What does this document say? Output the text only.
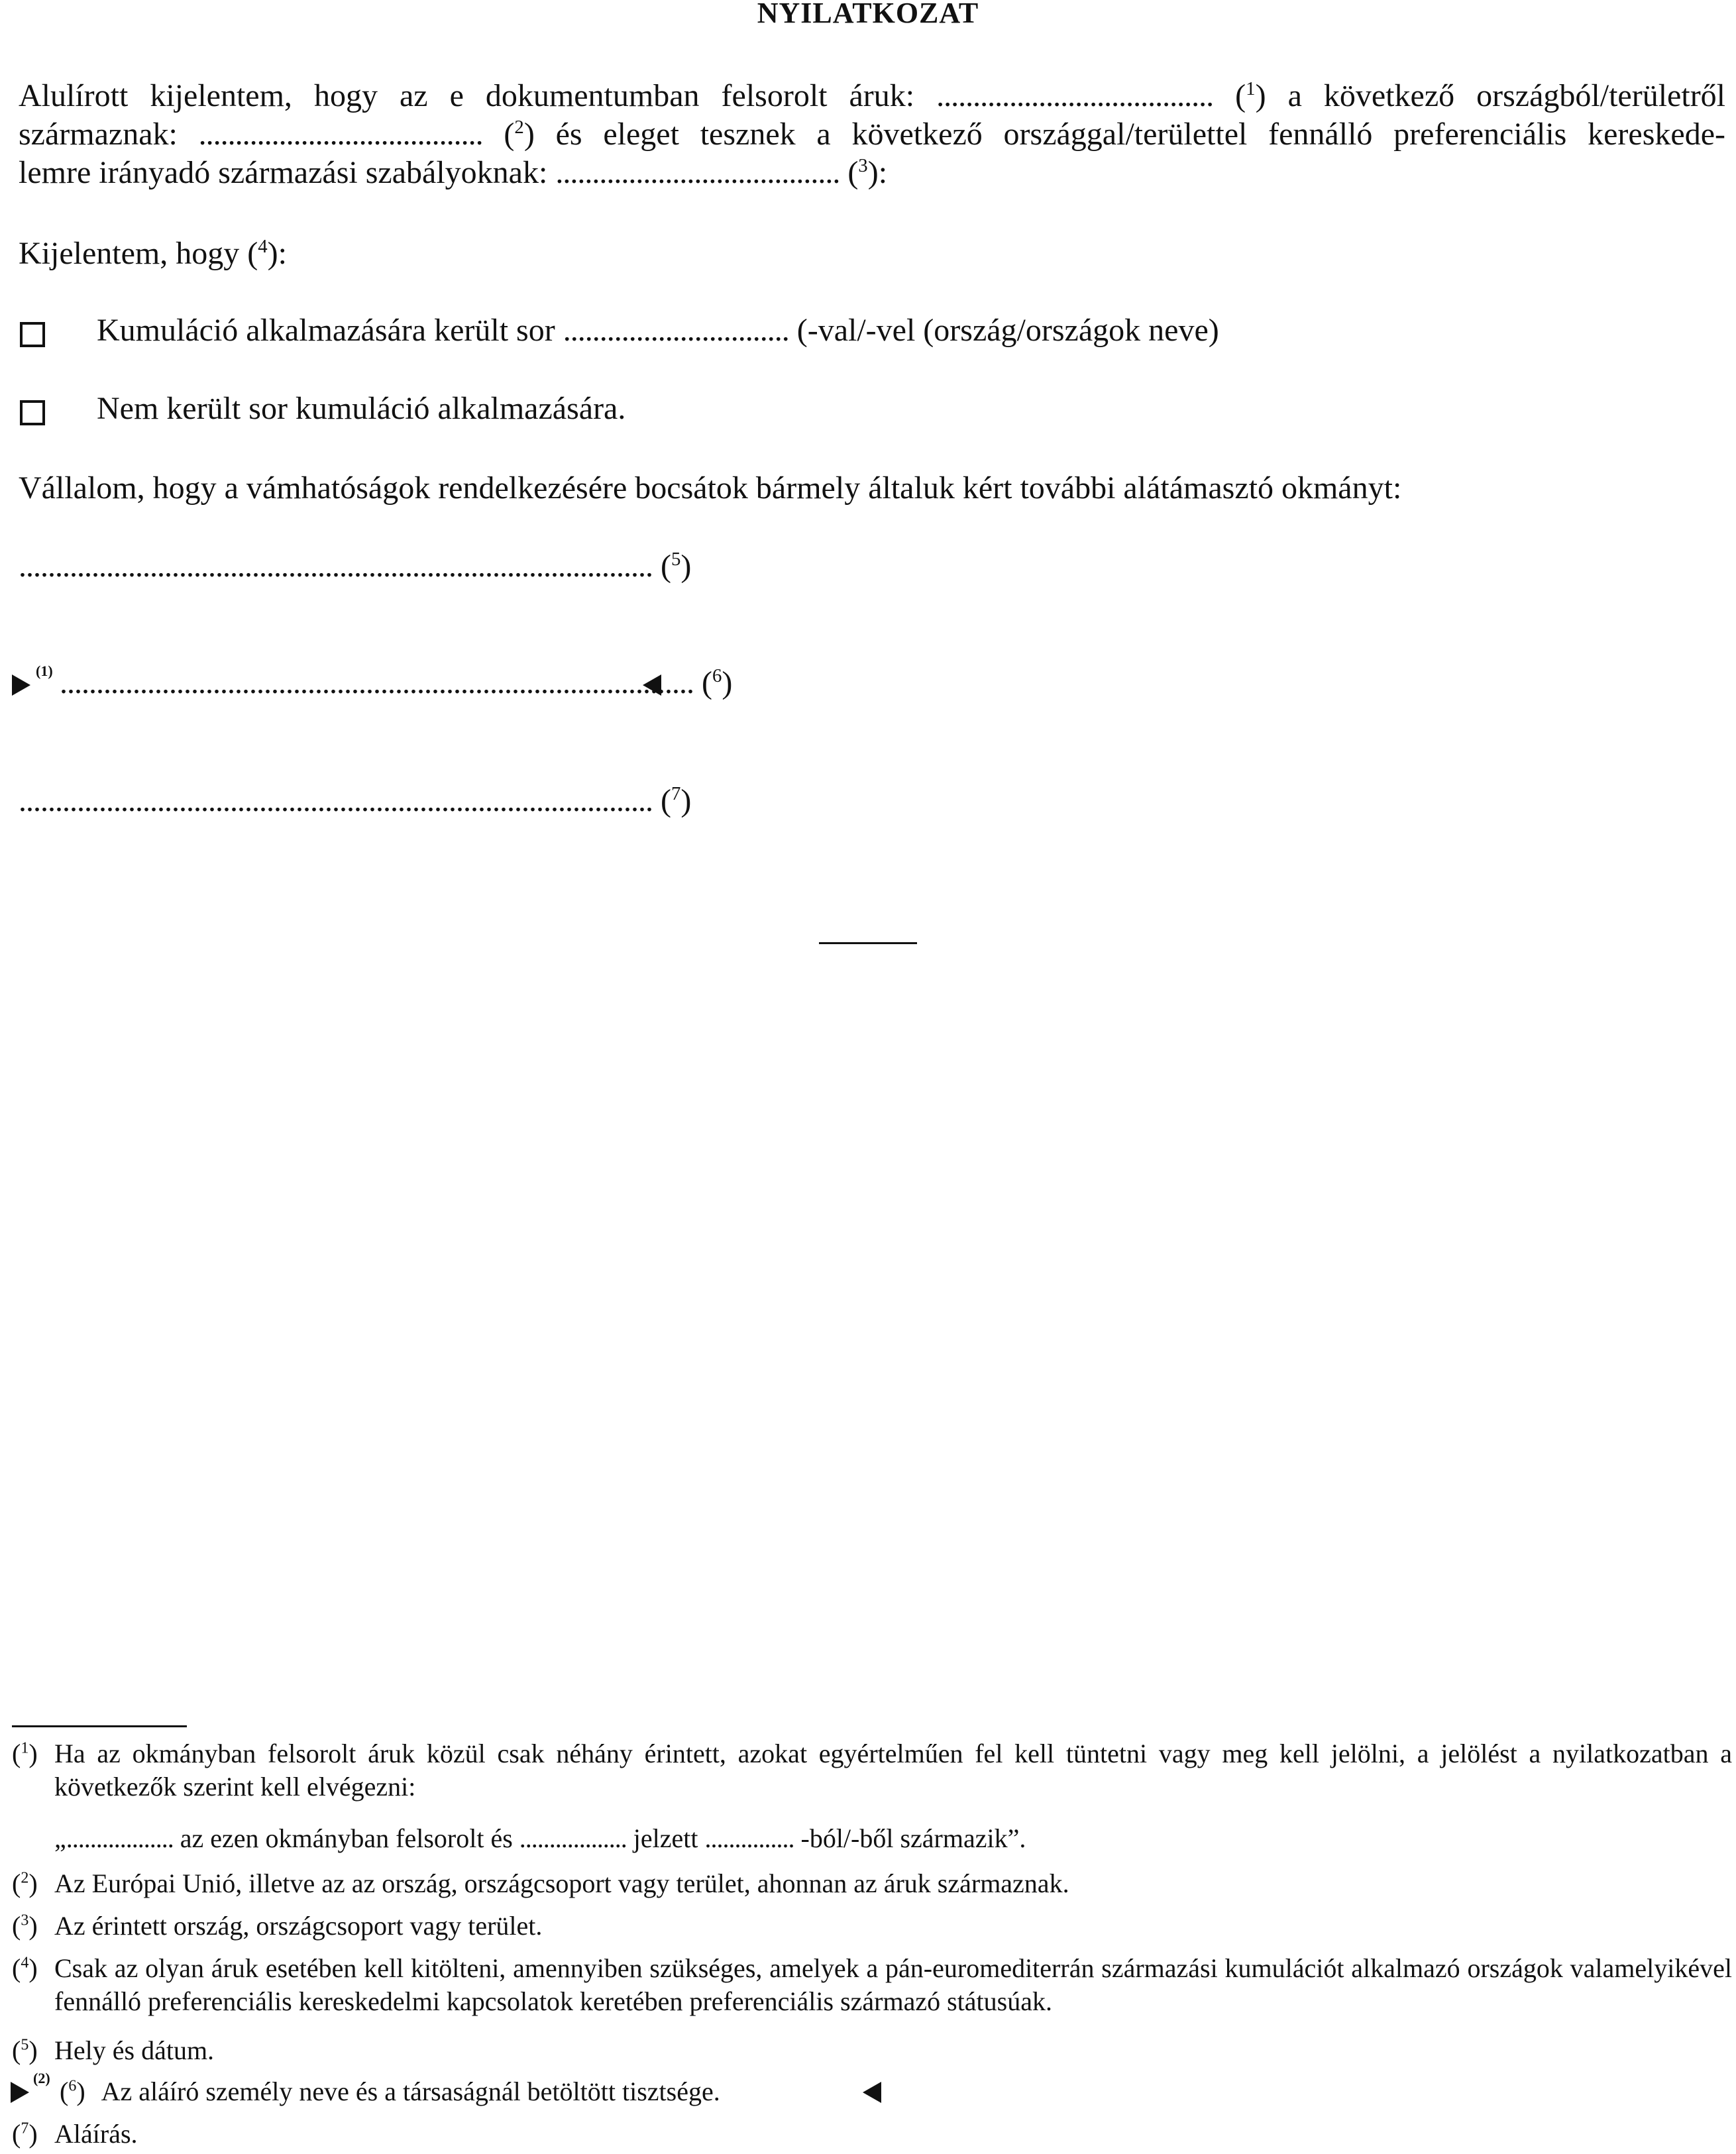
NYILATKOZAT
Alulírott kijelentem, hogy az e dokumentumban felsorolt áruk: ...................................... ($^1$) a következő országból/területről
származnak: ....................................... ($^2$) és eleget tesznek a következő országgal/területtel fennálló preferenciális kereskede-
lemre irányadó származási szabályoknak: ....................................... ($^3$):
Kijelentem, hogy ($^4$):
Kumuláció alkalmazására került sor ............................... (-val/-vel (ország/országok neve)
Nem került sor kumuláció alkalmazására.
Vállalom, hogy a vámhatóságok rendelkezésére bocsátok bármely általuk kért további alátámasztó okmányt:
....................................................................................... ($^5$)
(1) ....................................................................................... ($^6$)
....................................................................................... ($^7$)
($^1$) Ha az okmányban felsorolt áruk közül csak néhány érintett, azokat egyértelműen fel kell tüntetni vagy meg kell jelölni, a jelölést a nyilatkozatban a következők szerint kell elvégezni:
„.................. az ezen okmányban felsorolt és .................. jelzett ............... -ból/-ből származik”.
($^2$) Az Európai Unió, illetve az az ország, országcsoport vagy terület, ahonnan az áruk származnak.
($^3$) Az érintett ország, országcsoport vagy terület.
($^4$) Csak az olyan áruk esetében kell kitölteni, amennyiben szükséges, amelyek a pán-euromediterrán származási kumulációt alkalmazó országok valamelyikével fennálló preferenciális kereskedelmi kapcsolatok keretében preferenciális származó státusúak.
($^5$) Hely és dátum.
(2) ($^6$) Az aláíró személy neve és a társaságnál betöltött tisztsége.
($^7$) Aláírás.
